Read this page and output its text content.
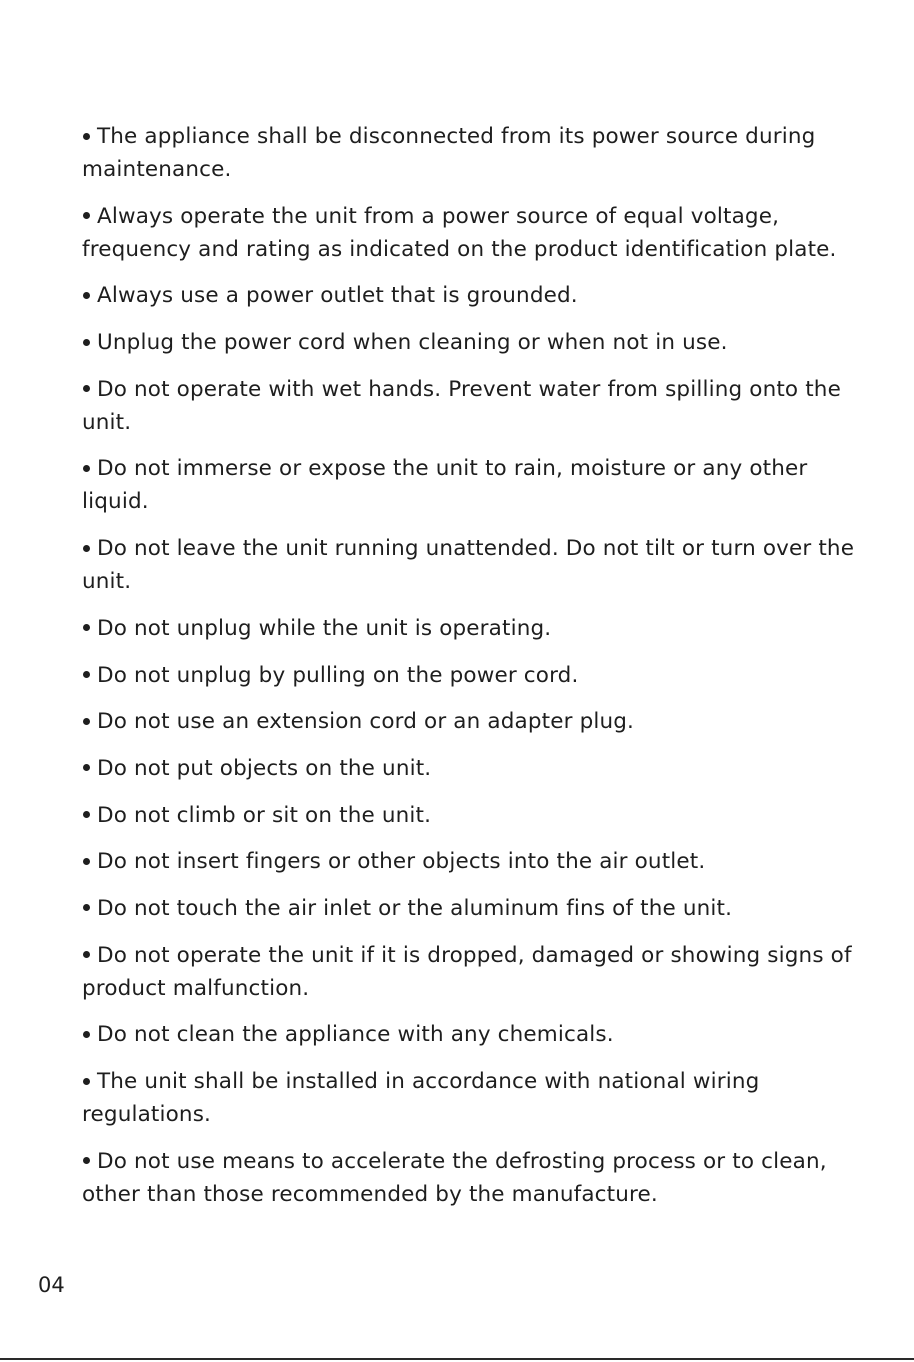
The appliance shall be disconnected from its power source during maintenance.

Always operate the unit from a power source of equal voltage, frequency and rating as indicated on the product identification plate.

Always use a power outlet that is grounded.

Unplug the power cord when cleaning or when not in use.

Do not operate with wet hands. Prevent water from spilling onto the unit.

Do not immerse or expose the unit to rain, moisture or any other liquid.

Do not leave the unit running unattended. Do not tilt or turn over the unit.

Do not unplug while the unit is operating.

Do not unplug by pulling on the power cord.

Do not use an extension cord or an adapter plug.

Do not put objects on the unit.

Do not climb or sit on the unit.

Do not insert fingers or other objects into the air outlet.

Do not touch the air inlet or the aluminum fins of the unit.

Do not operate the unit if it is dropped, damaged or showing signs of product malfunction.

Do not clean the appliance with any chemicals.

The unit shall be installed in accordance with national wiring regulations.

Do not use means to accelerate the defrosting process or to clean, other than those recommended by the manufacture.

04
